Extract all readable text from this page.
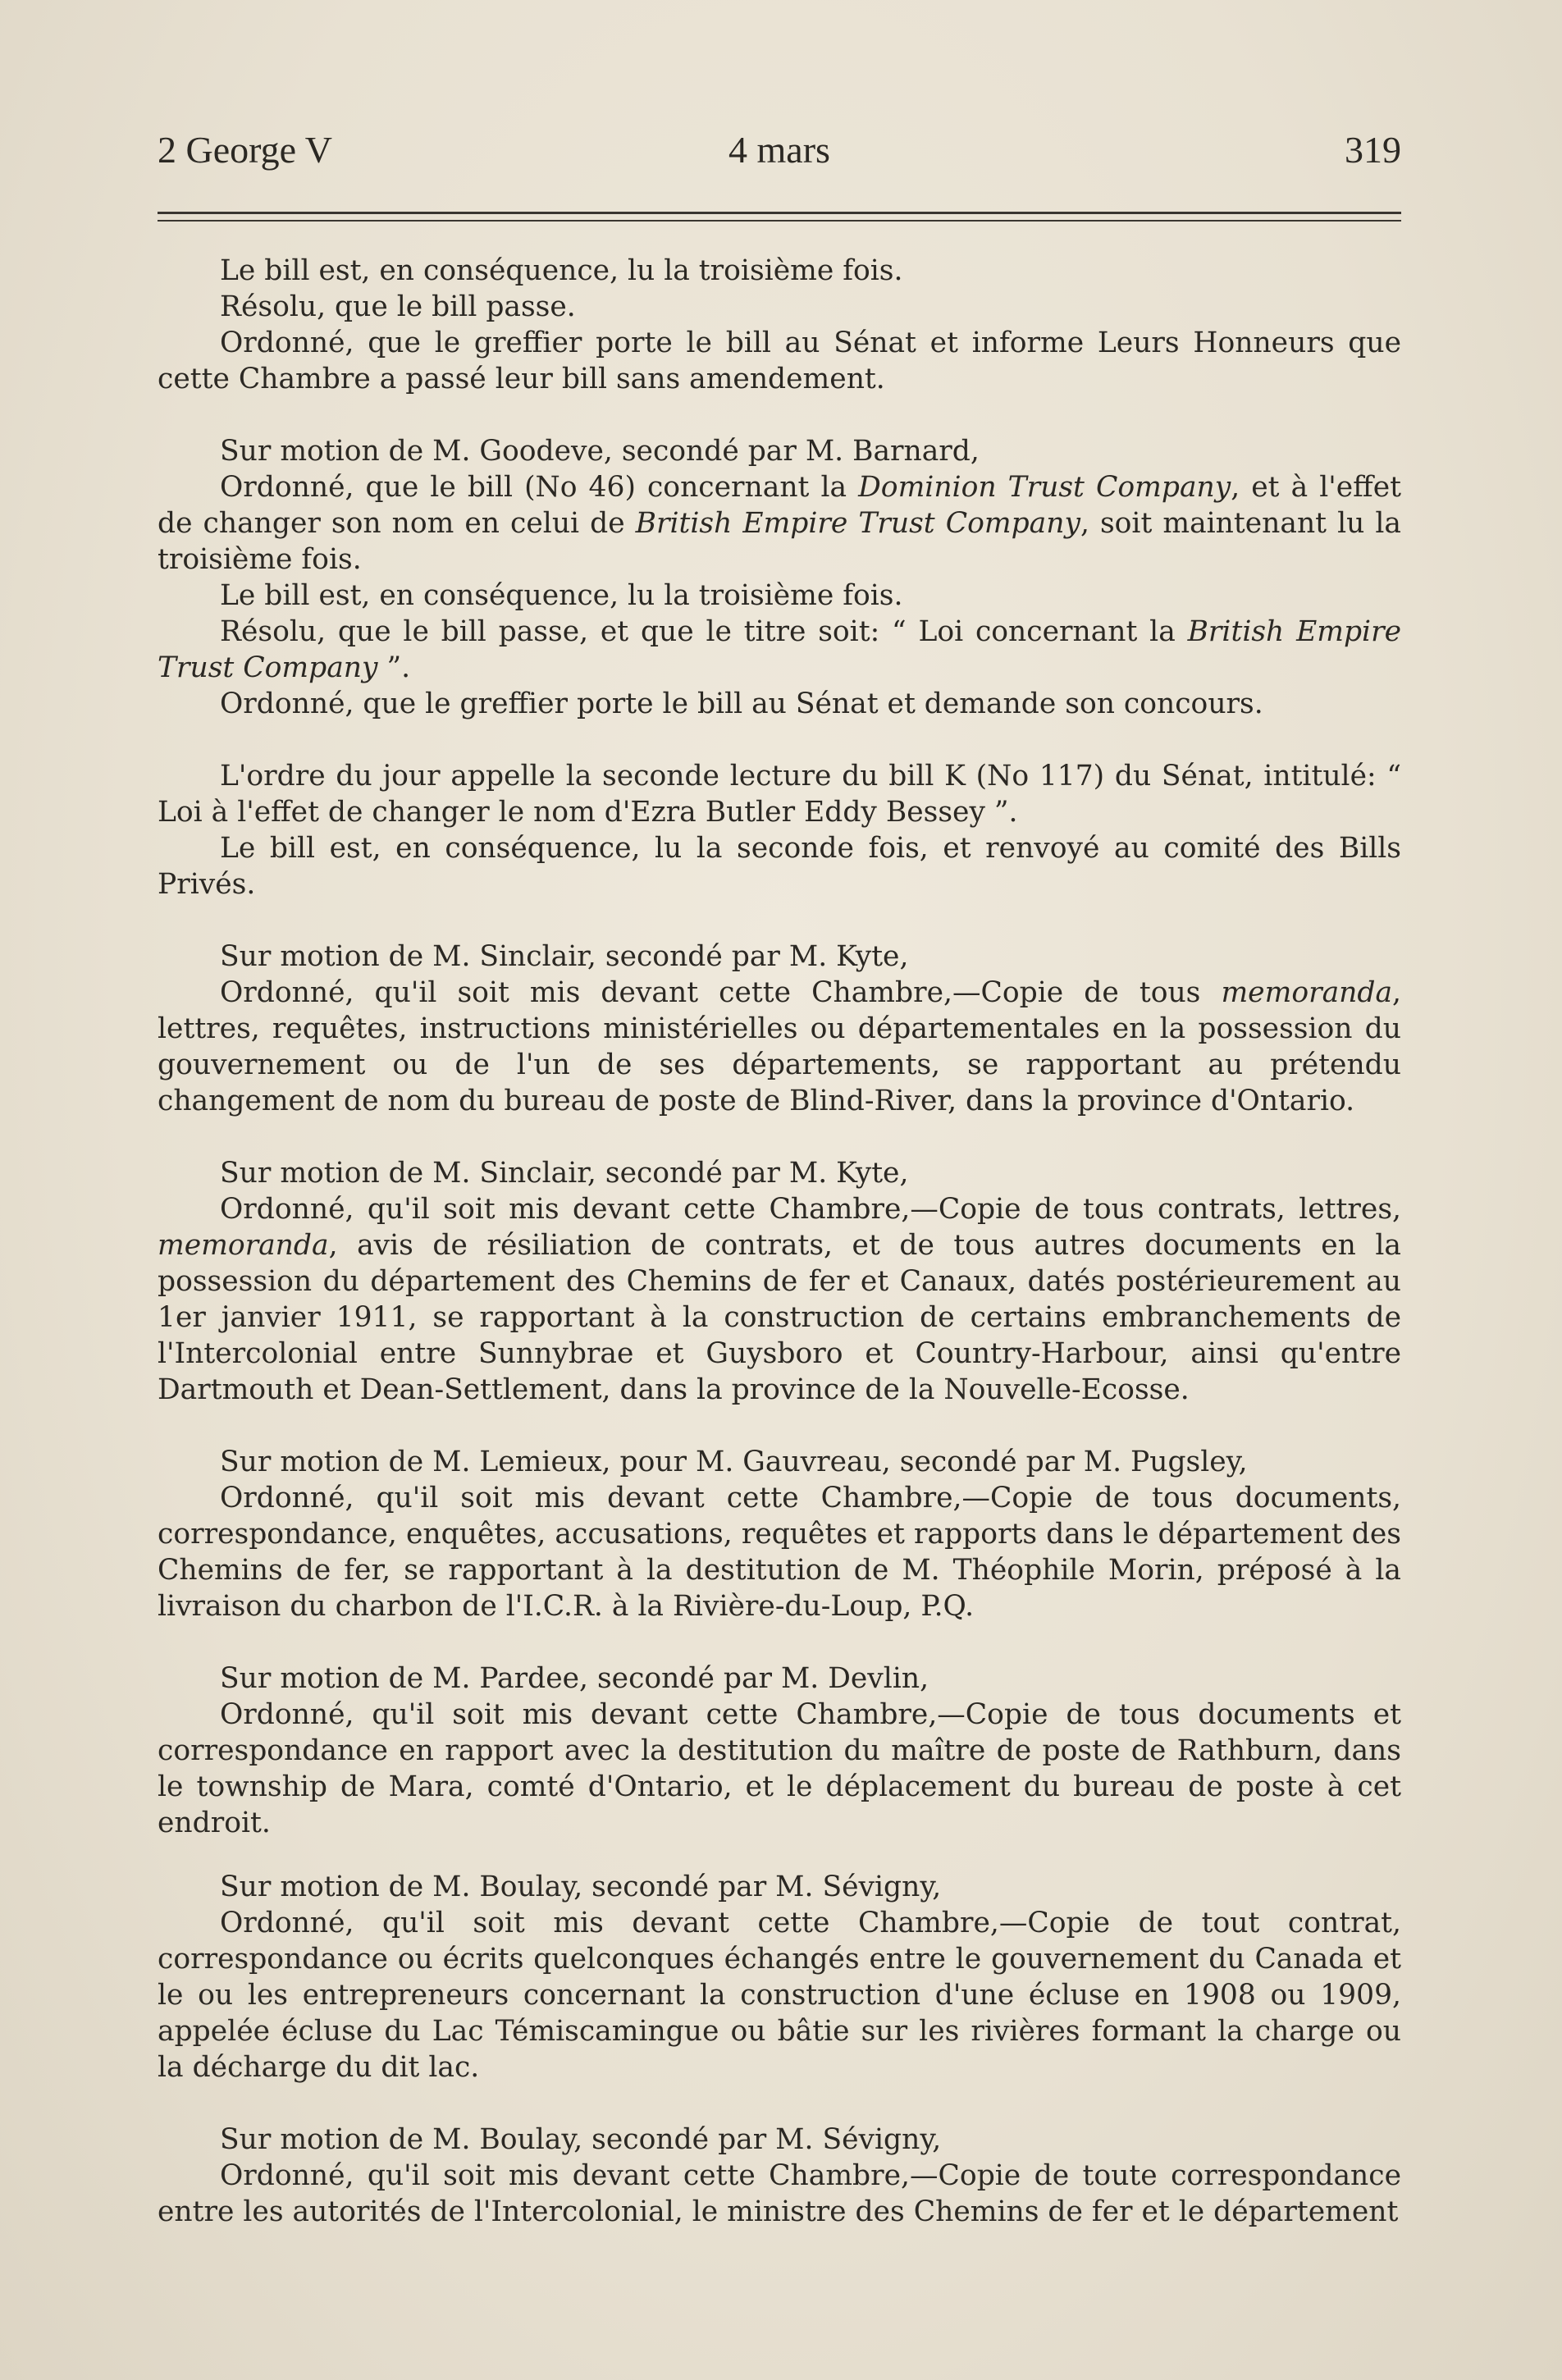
2 George V	4 mars	319

Le bill est, en conséquence, lu la troisième fois.

Résolu, que le bill passe.

Ordonné, que le greffier porte le bill au Sénat et informe Leurs Honneurs que cette Chambre a passé leur bill sans amendement.

Sur motion de M. Goodeve, secondé par M. Barnard,

Ordonné, que le bill (No 46) concernant la Dominion Trust Company, et à l'effet de changer son nom en celui de British Empire Trust Company, soit maintenant lu la troisième fois.

Le bill est, en conséquence, lu la troisième fois.

Résolu, que le bill passe, et que le titre soit: “ Loi concernant la British Empire Trust Company ”.

Ordonné, que le greffier porte le bill au Sénat et demande son concours.

L'ordre du jour appelle la seconde lecture du bill K (No 117) du Sénat, intitulé: “ Loi à l'effet de changer le nom d'Ezra Butler Eddy Bessey ”.

Le bill est, en conséquence, lu la seconde fois, et renvoyé au comité des Bills Privés.

Sur motion de M. Sinclair, secondé par M. Kyte,

Ordonné, qu'il soit mis devant cette Chambre,—Copie de tous memoranda, lettres, requêtes, instructions ministérielles ou départementales en la possession du gouvernement ou de l'un de ses départements, se rapportant au prétendu changement de nom du bureau de poste de Blind-River, dans la province d'Ontario.

Sur motion de M. Sinclair, secondé par M. Kyte,

Ordonné, qu'il soit mis devant cette Chambre,—Copie de tous contrats, lettres, memoranda, avis de résiliation de contrats, et de tous autres documents en la possession du département des Chemins de fer et Canaux, datés postérieurement au 1er janvier 1911, se rapportant à la construction de certains embranchements de l'Intercolonial entre Sunnybrae et Guysboro et Country-Harbour, ainsi qu'entre Dartmouth et Dean-Settlement, dans la province de la Nouvelle-Ecosse.

Sur motion de M. Lemieux, pour M. Gauvreau, secondé par M. Pugsley,

Ordonné, qu'il soit mis devant cette Chambre,—Copie de tous documents, correspondance, enquêtes, accusations, requêtes et rapports dans le département des Chemins de fer, se rapportant à la destitution de M. Théophile Morin, préposé à la livraison du charbon de l'I.C.R. à la Rivière-du-Loup, P.Q.

Sur motion de M. Pardee, secondé par M. Devlin,

Ordonné, qu'il soit mis devant cette Chambre,—Copie de tous documents et correspondance en rapport avec la destitution du maître de poste de Rathburn, dans le township de Mara, comté d'Ontario, et le déplacement du bureau de poste à cet endroit.

Sur motion de M. Boulay, secondé par M. Sévigny,

Ordonné, qu'il soit mis devant cette Chambre,—Copie de tout contrat, correspondance ou écrits quelconques échangés entre le gouvernement du Canada et le ou les entrepreneurs concernant la construction d'une écluse en 1908 ou 1909, appelée écluse du Lac Témiscamingue ou bâtie sur les rivières formant la charge ou la décharge du dit lac.

Sur motion de M. Boulay, secondé par M. Sévigny,

Ordonné, qu'il soit mis devant cette Chambre,—Copie de toute correspondance entre les autorités de l'Intercolonial, le ministre des Chemins de fer et le département
